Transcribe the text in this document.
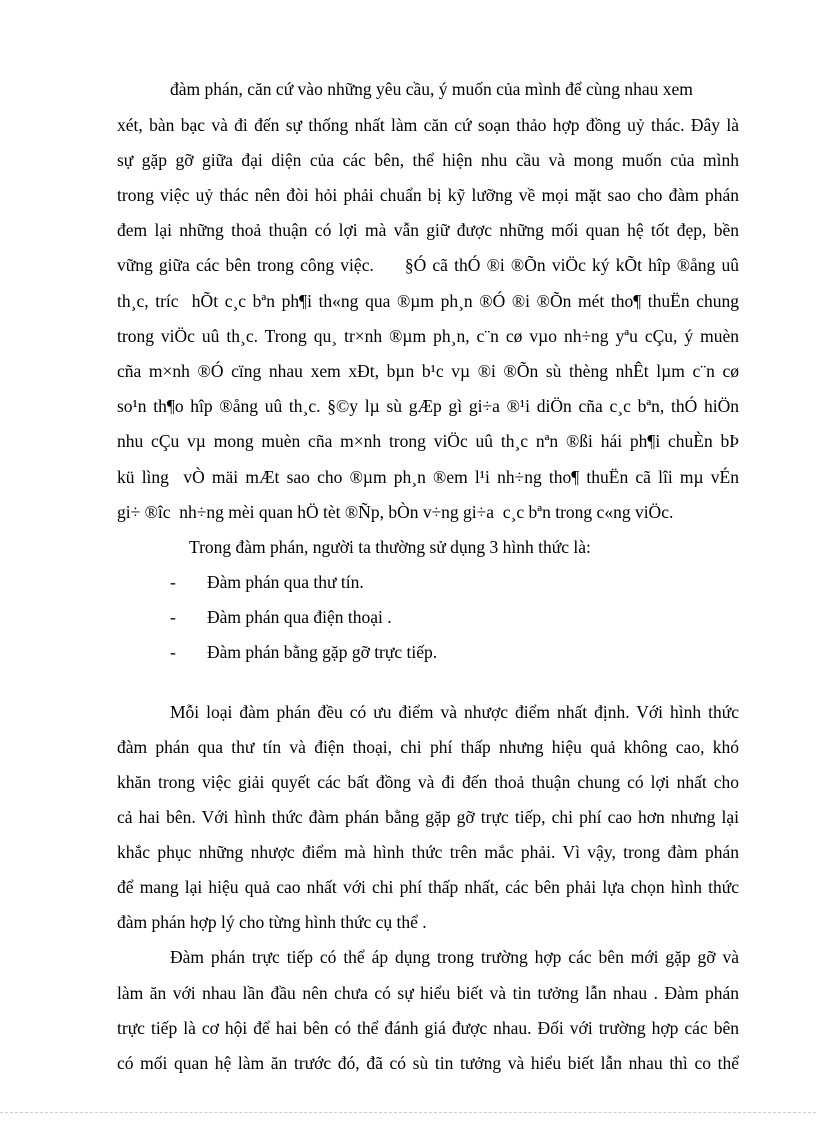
đàm phán, căn cứ vào những yêu cầu, ý muốn của mình để cùng nhau xem
xét, bàn bạc và đi đến sự thống nhất làm căn cứ soạn thảo hợp đồng uỷ thác. Đây là
sự gặp gỡ giữa đại diện của các bên, thể hiện nhu cầu và mong muốn của mình
trong việc uỷ thác nên đòi hỏi phải chuẩn bị kỹ lưỡng về mọi mặt sao cho đàm phán
đem lại những thoả thuận có lợi mà vẫn giữ được những mối quan hệ tốt đẹp, bền
vững giữa các bên trong công việc.     §Ó cã thÓ ®i ®Õn viÖc ký kÕt hîp ®ång uû
th¸c, tríc  hÕt c¸c bªn ph¶i th«ng qua ®µm ph¸n ®Ó ®i ®Õn mét tho¶ thuËn chung
trong viÖc uû th¸c. Trong qu¸ tr×nh ®µm ph¸n, c¨n cø vµo nh÷ng yªu cÇu, ý muèn
cña m×nh ®Ó cïng nhau xem xÐt, bµn b¹c vµ ®i ®Õn sù thèng nhÊt lµm c¨n cø
so¹n th¶o hîp ®ång uû th¸c. §©y lµ sù gÆp gì gi÷a ®¹i diÖn cña c¸c bªn, thÓ hiÖn
nhu cÇu vµ mong muèn cña m×nh trong viÖc uû th¸c nªn ®ßi hái ph¶i chuÈn bÞ
kü lìng  vÒ mäi mÆt sao cho ®µm ph¸n ®em l¹i nh÷ng tho¶ thuËn cã lîi mµ vÉn
gi÷ ®îc  nh÷ng mèi quan hÖ tèt ®Ñp, bÒn v÷ng gi÷a  c¸c bªn trong c«ng viÖc.
Trong đàm phán, người ta thường sử dụng 3 hình thức là:
-	Đàm phán qua thư tín.
-	Đàm phán qua điện thoại .
-	Đàm phán bằng gặp gỡ trực tiếp.
Mỗi loại đàm phán đều có ưu điểm và nhược điểm nhất định. Với hình thức
đàm phán qua thư tín và điện thoại, chi phí thấp nhưng hiệu quả không cao, khó
khăn trong việc giải quyết các bất đồng và đi đến thoả thuận chung có lợi nhất cho
cả hai bên. Với hình thức đàm phán bằng gặp gỡ trực tiếp, chi phí cao hơn nhưng lại
khắc phục những nhược điểm mà hình thức trên mắc phải. Vì vậy, trong đàm phán
để mang lại hiệu quả cao nhất với chi phí thấp nhất, các bên phải lựa chọn hình thức
đàm phán hợp lý cho từng hình thức cụ thể .
Đàm phán trực tiếp có thể áp dụng trong trường hợp các bên mới gặp gỡ và
làm ăn với nhau lần đầu nên chưa có sự hiểu biết và tin tưởng lẫn nhau . Đàm phán
trực tiếp là cơ hội để hai bên có thể đánh giá được nhau. Đối với trường hợp các bên
có mối quan hệ làm ăn trước đó, đã có sù tin tưởng và hiểu biết lẫn nhau thì co thể
